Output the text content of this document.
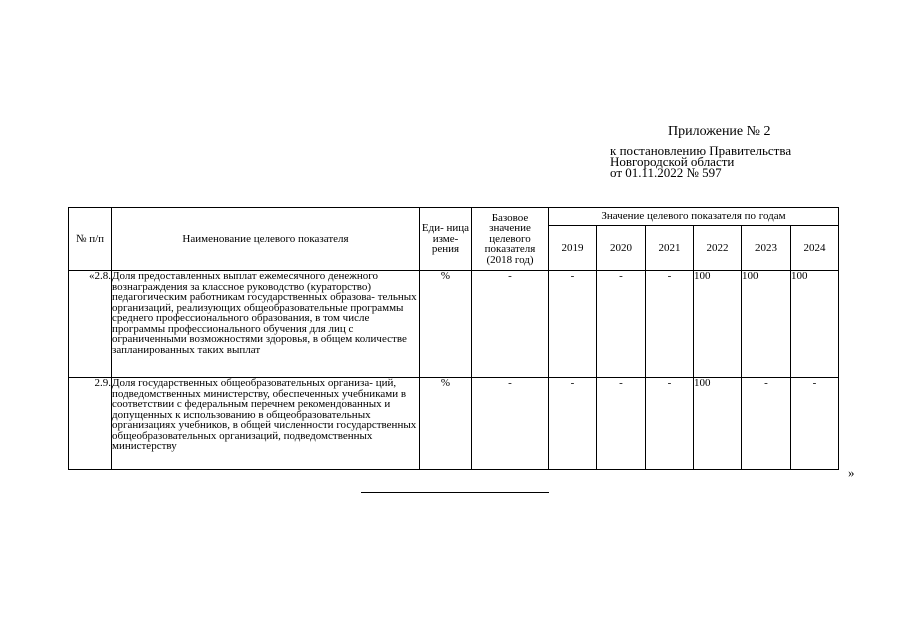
Приложение № 2
к постановлению Правительства
Новгородской области
от 01.11.2022 № 597
№ п/п	Наименование целевого показателя	Еди- ница изме- рения	Базовое значение целевого показателя (2018 год)	Значение целевого показателя по годам					
				2019	2020	2021	2022	2023	2024
«2.8.	Доля предоставленных выплат ежемесячного денежного вознаграждения за классное руководство (кураторство) педагогическим работникам государственных образова- тельных организаций, реализующих общеобразовательные программы среднего профессионального образования, в том числе программы профессионального обучения для лиц с ограниченными возможностями здоровья, в общем количестве запланированных таких выплат	%	-	-	-	-	100	100	100
2.9.	Доля государственных общеобразовательных организа- ций, подведомственных министерству, обеспеченных учебниками в соответствии с федеральным перечнем рекомендованных и допущенных к использованию в общеобразовательных организациях учебников, в общей численности государственных общеобразовательных организаций, подведомственных министерству	%	-	-	-	-	100	-	-
»
